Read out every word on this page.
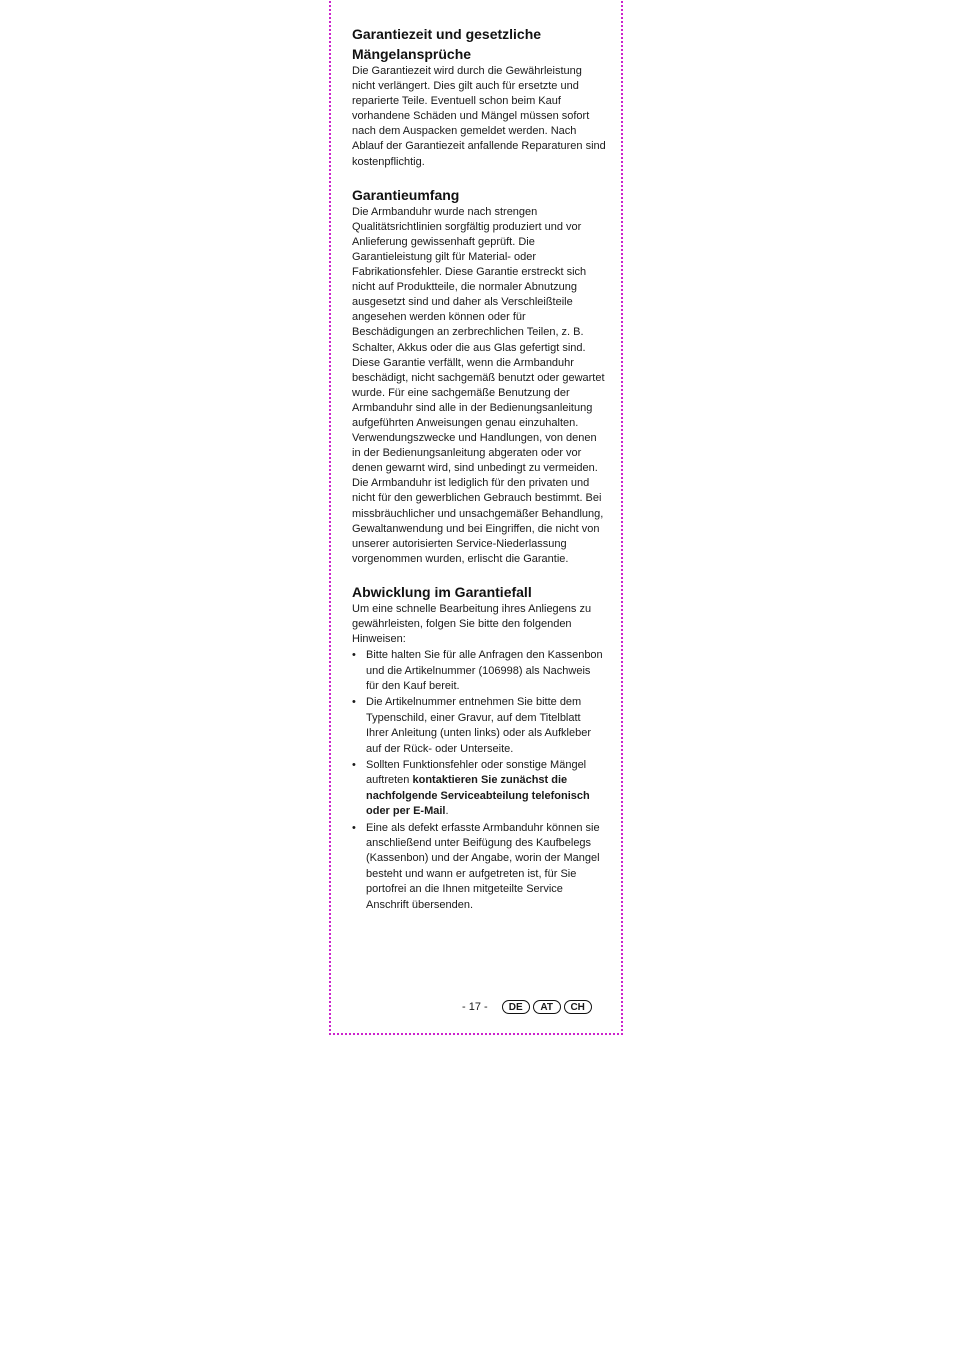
Garantiezeit und gesetzliche
Mängelansprüche

Die Garantiezeit wird durch die Gewährleistung nicht verlängert. Dies gilt auch für ersetzte und reparierte Teile. Eventuell schon beim Kauf vorhandene Schäden und Mängel müssen sofort nach dem Auspacken gemeldet werden. Nach Ablauf der Garantiezeit anfallende Reparaturen sind kostenpflichtig.

Garantieumfang

Die Armbanduhr wurde nach strengen Qualitätsrichtlinien sorgfältig produziert und vor Anlieferung gewissenhaft geprüft. Die Garantieleistung gilt für Material- oder Fabrikationsfehler. Diese Garantie erstreckt sich nicht auf Produktteile, die normaler Abnutzung ausgesetzt sind und daher als Verschleißteile angesehen werden können oder für Beschädigungen an zerbrechlichen Teilen, z. B. Schalter, Akkus oder die aus Glas gefertigt sind. Diese Garantie verfällt, wenn die Armbanduhr beschädigt, nicht sachgemäß benutzt oder gewartet wurde. Für eine sachgemäße Benutzung der Armbanduhr sind alle in der Bedienungsanleitung aufgeführten Anweisungen genau einzuhalten. Verwendungszwecke und Handlungen, von denen in der Bedienungsanleitung abgeraten oder vor denen gewarnt wird, sind unbedingt zu vermeiden.

Die Armbanduhr ist lediglich für den privaten und nicht für den gewerblichen Gebrauch bestimmt. Bei missbräuchlicher und unsachgemäßer Behandlung, Gewaltanwendung und bei Eingriffen, die nicht von unserer autorisierten Service-Niederlassung vorgenommen wurden, erlischt die Garantie.

Abwicklung im Garantiefall

Um eine schnelle Bearbeitung ihres Anliegens zu gewährleisten, folgen Sie bitte den folgenden Hinweisen:

• Bitte halten Sie für alle Anfragen den Kassenbon und die Artikelnummer (106998) als Nachweis für den Kauf bereit.
• Die Artikelnummer entnehmen Sie bitte dem Typenschild, einer Gravur, auf dem Titelblatt Ihrer Anleitung (unten links) oder als Aufkleber auf der Rück- oder Unterseite.
• Sollten Funktionsfehler oder sonstige Mängel auftreten kontaktieren Sie zunächst die nachfolgende Serviceabteilung telefonisch oder per E-Mail.
• Eine als defekt erfasste Armbanduhr können sie anschließend unter Beifügung des Kaufbelegs (Kassenbon) und der Angabe, worin der Mangel besteht und wann er aufgetreten ist, für Sie portofrei an die Ihnen mitgeteilte Service Anschrift übersenden.
- 17 -	DE	AT	CH
